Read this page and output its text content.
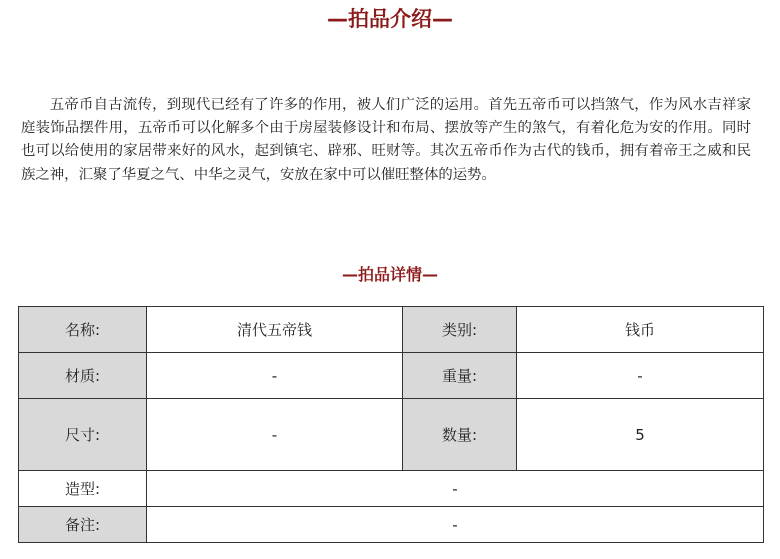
—拍品介绍—

五帝币自古流传，到现代已经有了许多的作用，被人们广泛的运用。首先五帝币可以挡煞气，作为风水吉祥家庭装饰品摆件用，五帝币可以化解多个由于房屋装修设计和布局、摆放等产生的煞气，有着化危为安的作用。同时也可以给使用的家居带来好的风水，起到镇宅、辟邪、旺财等。其次五帝币作为古代的钱币，拥有着帝王之威和民族之神，汇聚了华夏之气、中华之灵气，安放在家中可以催旺整体的运势。

—拍品详情—
名称:	清代五帝钱	类别:	钱币
材质:	-	重量:	-
尺寸:	-	数量:	5
造型:	-		
备注:	-		
